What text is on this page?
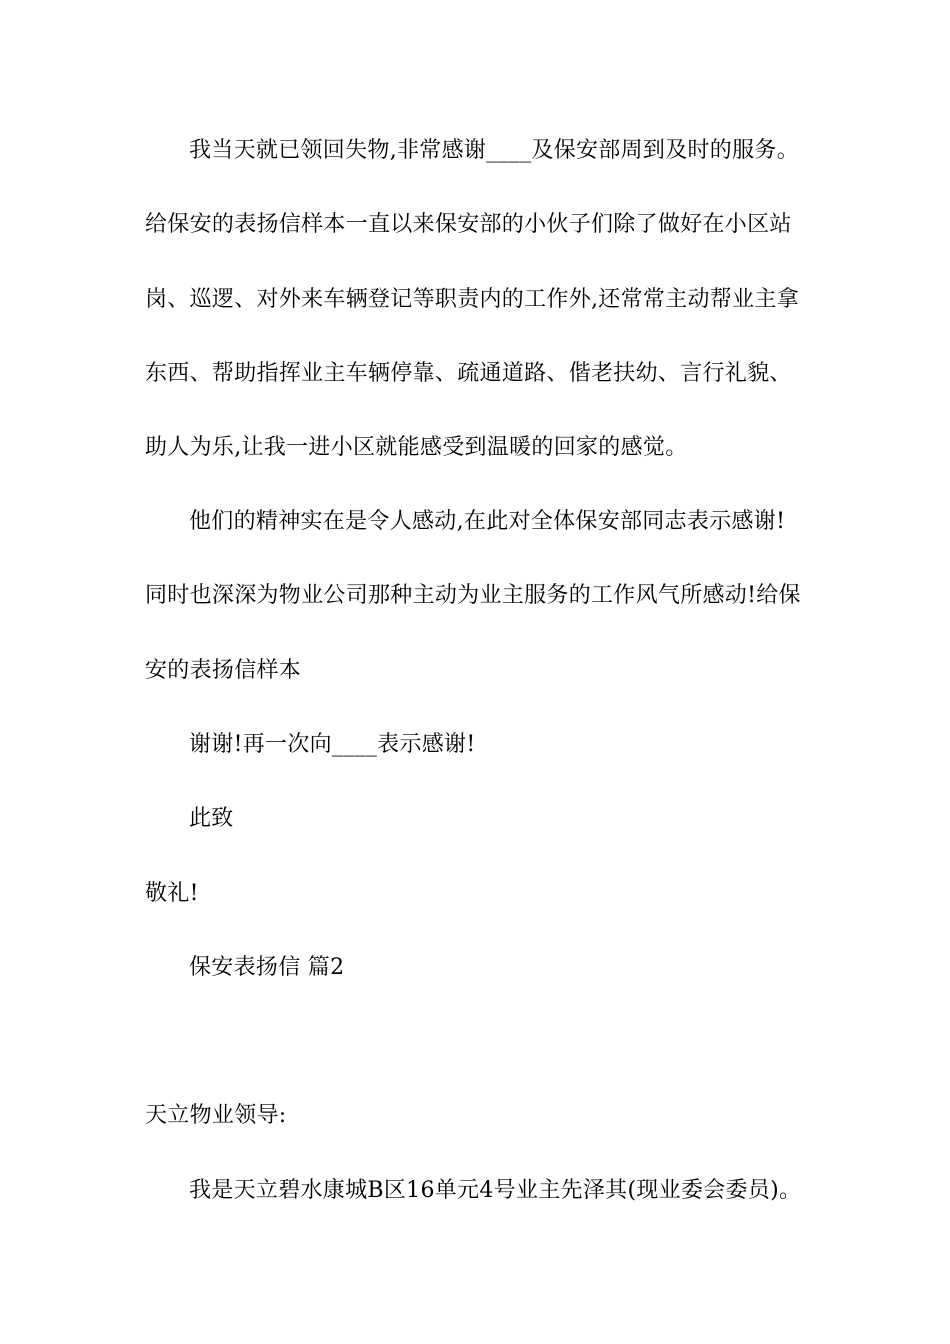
我当天就已领回失物,非常感谢____及保安部周到及时的服务。
给保安的表扬信样本一直以来保安部的小伙子们除了做好在小区站
岗、巡逻、对外来车辆登记等职责内的工作外,还常常主动帮业主拿
东西、帮助指挥业主车辆停靠、疏通道路、偕老扶幼、言行礼貌、
助人为乐,让我一进小区就能感受到温暖的回家的感觉。
他们的精神实在是令人感动,在此对全体保安部同志表示感谢!
同时也深深为物业公司那种主动为业主服务的工作风气所感动!给保
安的表扬信样本
谢谢!再一次向____表示感谢!
此致
敬礼!
保安表扬信 篇2
天立物业领导:
我是天立碧水康城B区16单元4号业主先泽其(现业委会委员)。
